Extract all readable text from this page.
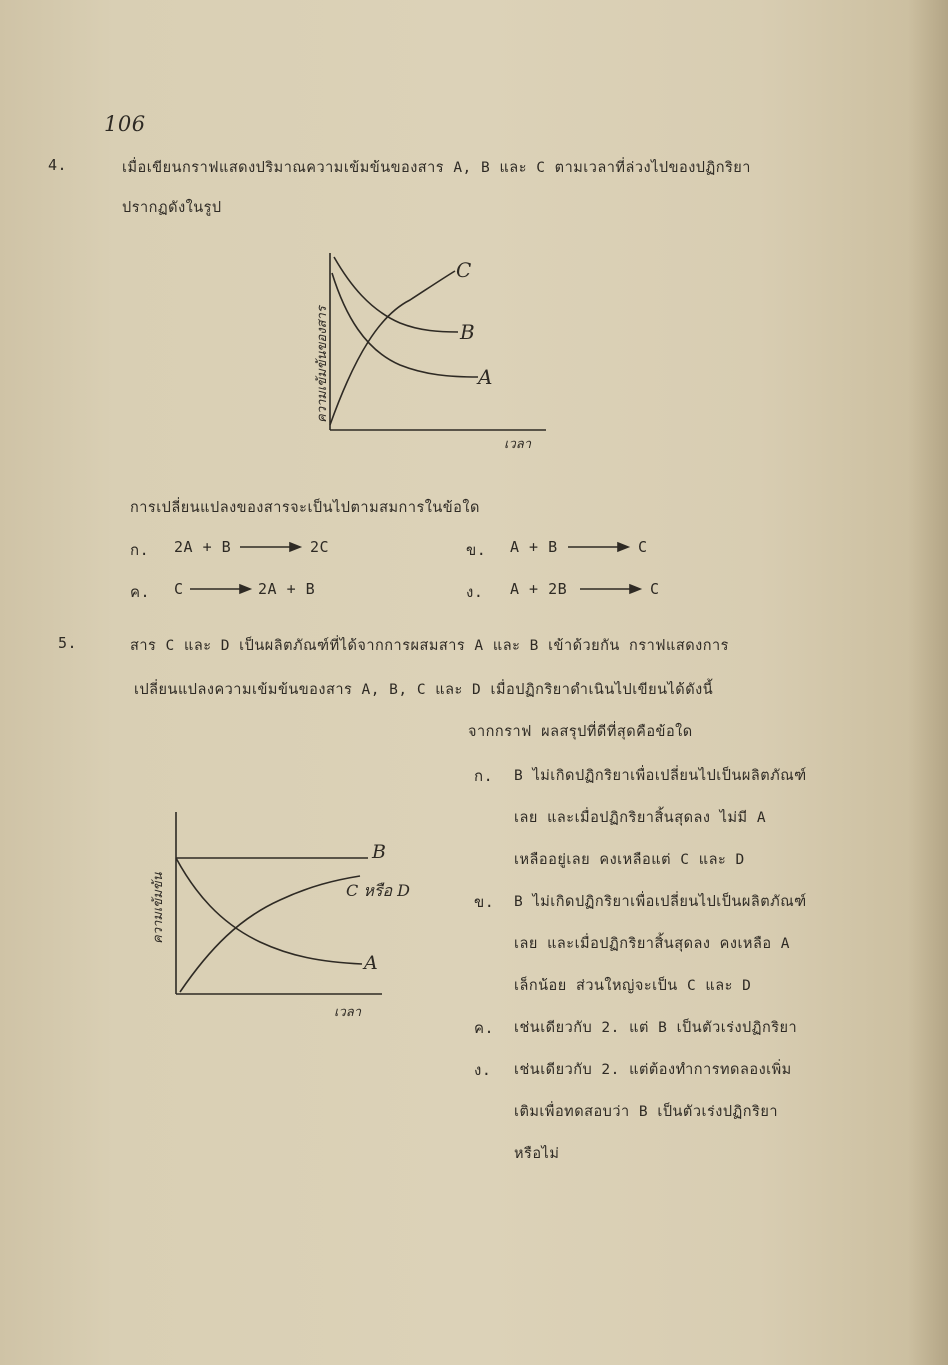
106
4.	เมื่อเขียนกราฟแสดงปริมาณความเข้มข้นของสาร A, B และ C ตามเวลาที่ล่วงไปของปฏิกริยา
ปรากฏดังในรูป
C
B
A
ความเข้มข้นของสาร
เวลา
การเปลี่ยนแปลงของสารจะเป็นไปตามสมการในข้อใด
ก. 2A + B	2C	ข. A + B	C
ค. C	2A + B	ง. A + 2B	C
5.	สาร C และ D เป็นผลิตภัณฑ์ที่ได้จากการผสมสาร A และ B เข้าด้วยกัน กราฟแสดงการ
เปลี่ยนแปลงความเข้มข้นของสาร A, B, C และ D เมื่อปฏิกริยาดำเนินไปเขียนได้ดังนี้
จากกราฟ ผลสรุปที่ดีที่สุดคือข้อใด
B
C หรือ D
A
ความเข้มข้น
เวลา
ก. B ไม่เกิดปฏิกริยาเพื่อเปลี่ยนไปเป็นผลิตภัณฑ์
เลย และเมื่อปฏิกริยาสิ้นสุดลง ไม่มี A
เหลืออยู่เลย คงเหลือแต่ C และ D
ข. B ไม่เกิดปฏิกริยาเพื่อเปลี่ยนไปเป็นผลิตภัณฑ์
เลย และเมื่อปฏิกริยาสิ้นสุดลง คงเหลือ A
เล็กน้อย ส่วนใหญ่จะเป็น C และ D
ค. เช่นเดียวกับ 2. แต่ B เป็นตัวเร่งปฏิกริยา
ง. เช่นเดียวกับ 2. แต่ต้องทำการทดลองเพิ่ม
เติมเพื่อทดสอบว่า B เป็นตัวเร่งปฏิกริยา
หรือไม่
